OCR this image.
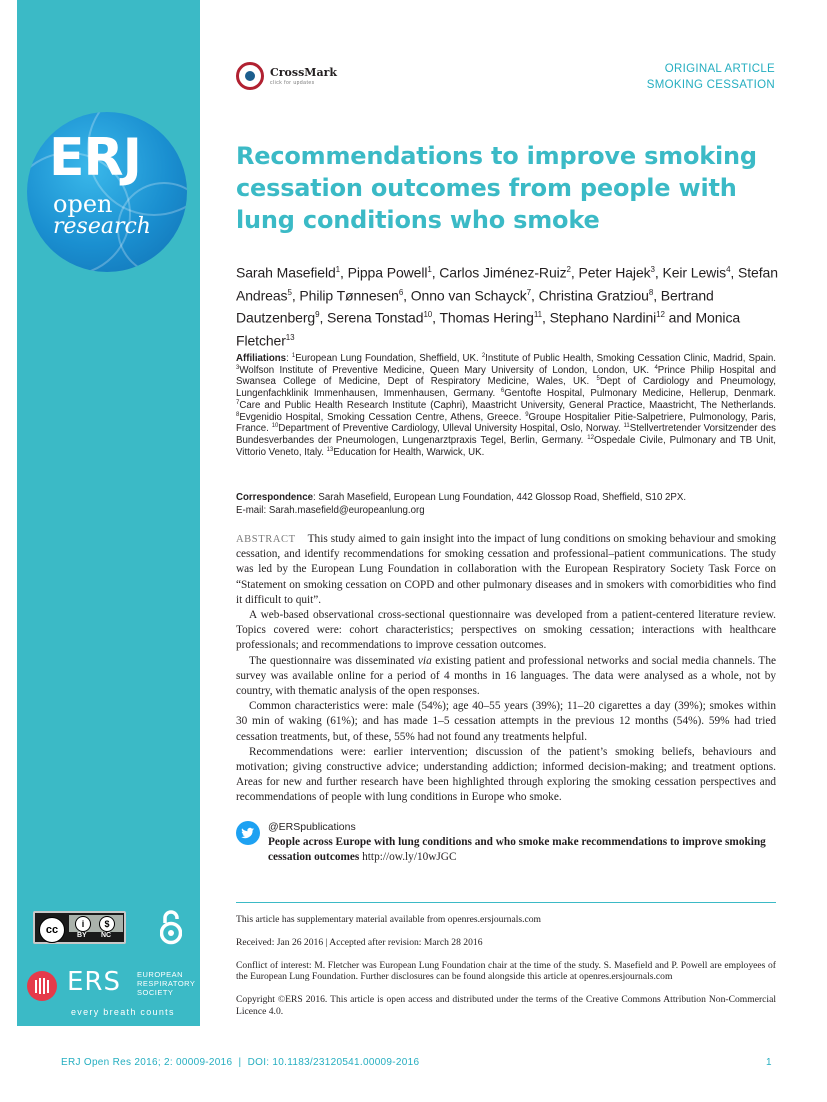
ERJ
open
research
cc	i	$
BY NC
ERS EUROPEAN
RESPIRATORY
SOCIETY
every breath counts
CrossMark
click for updates
ORIGINAL ARTICLE
SMOKING CESSATION
Recommendations to improve smoking cessation outcomes from people with lung conditions who smoke
Sarah Masefield$^1$, Pippa Powell$^1$, Carlos Jiménez-Ruiz$^2$, Peter Hajek$^3$, Keir Lewis$^4$, Stefan Andreas$^5$, Philip Tønnesen$^6$, Onno van Schayck$^7$, Christina Gratziou$^8$, Bertrand Dautzenberg$^9$, Serena Tonstad$^{10}$, Thomas Hering$^{11}$, Stephano Nardini$^{12}$ and Monica Fletcher$^{13}$
Affiliations: $^1$European Lung Foundation, Sheffield, UK. $^2$Institute of Public Health, Smoking Cessation Clinic, Madrid, Spain. $^3$Wolfson Institute of Preventive Medicine, Queen Mary University of London, London, UK. $^4$Prince Philip Hospital and Swansea College of Medicine, Dept of Respiratory Medicine, Wales, UK. $^5$Dept of Cardiology and Pneumology, Lungenfachklinik Immenhausen, Immenhausen, Germany. $^6$Gentofte Hospital, Pulmonary Medicine, Hellerup, Denmark. $^7$Care and Public Health Research Institute (Caphri), Maastricht University, General Practice, Maastricht, The Netherlands. $^8$Evgenidio Hospital, Smoking Cessation Centre, Athens, Greece. $^9$Groupe Hospitalier Pitie-Salpetriere, Pulmonology, Paris, France. $^{10}$Department of Preventive Cardiology, Ulleval University Hospital, Oslo, Norway. $^{11}$Stellvertretender Vorsitzender des Bundesverbandes der Pneumologen, Lungenarztpraxis Tegel, Berlin, Germany. $^{12}$Ospedale Civile, Pulmonary and TB Unit, Vittorio Veneto, Italy. $^{13}$Education for Health, Warwick, UK.
Correspondence: Sarah Masefield, European Lung Foundation, 442 Glossop Road, Sheffield, S10 2PX.
E-mail: Sarah.masefield@europeanlung.org

ABSTRACT This study aimed to gain insight into the impact of lung conditions on smoking behaviour and smoking cessation, and identify recommendations for smoking cessation and professional–patient communications. The study was led by the European Lung Foundation in collaboration with the European Respiratory Society Task Force on “Statement on smoking cessation on COPD and other pulmonary diseases and in smokers with comorbidities who find it difficult to quit”.

A web-based observational cross-sectional questionnaire was developed from a patient-centered literature review. Topics covered were: cohort characteristics; perspectives on smoking cessation; interactions with healthcare professionals; and recommendations to improve cessation outcomes.

The questionnaire was disseminated via existing patient and professional networks and social media channels. The survey was available online for a period of 4 months in 16 languages. The data were analysed as a whole, not by country, with thematic analysis of the open responses.

Common characteristics were: male (54%); age 40–55 years (39%); 11–20 cigarettes a day (39%); smokes within 30 min of waking (61%); and has made 1–5 cessation attempts in the previous 12 months (54%). 59% had tried cessation treatments, but, of these, 55% had not found any treatments helpful.

Recommendations were: earlier intervention; discussion of the patient’s smoking beliefs, behaviours and motivation; giving constructive advice; understanding addiction; informed decision-making; and treatment options. Areas for new and further research have been highlighted through exploring the smoking cessation perspectives and recommendations of people with lung conditions in Europe who smoke.

@ERSpublications
People across Europe with lung conditions and who smoke make recommendations to improve smoking cessation outcomes http://ow.ly/10wJGC

This article has supplementary material available from openres.ersjournals.com

Received: Jan 26 2016 | Accepted after revision: March 28 2016

Conflict of interest: M. Fletcher was European Lung Foundation chair at the time of the study. S. Masefield and P. Powell are employees of the European Lung Foundation. Further disclosures can be found alongside this article at openres.ersjournals.com

Copyright ©ERS 2016. This article is open access and distributed under the terms of the Creative Commons Attribution Non-Commercial Licence 4.0.

ERJ Open Res 2016; 2: 00009-2016  |  DOI: 10.1183/23120541.00009-2016	1
